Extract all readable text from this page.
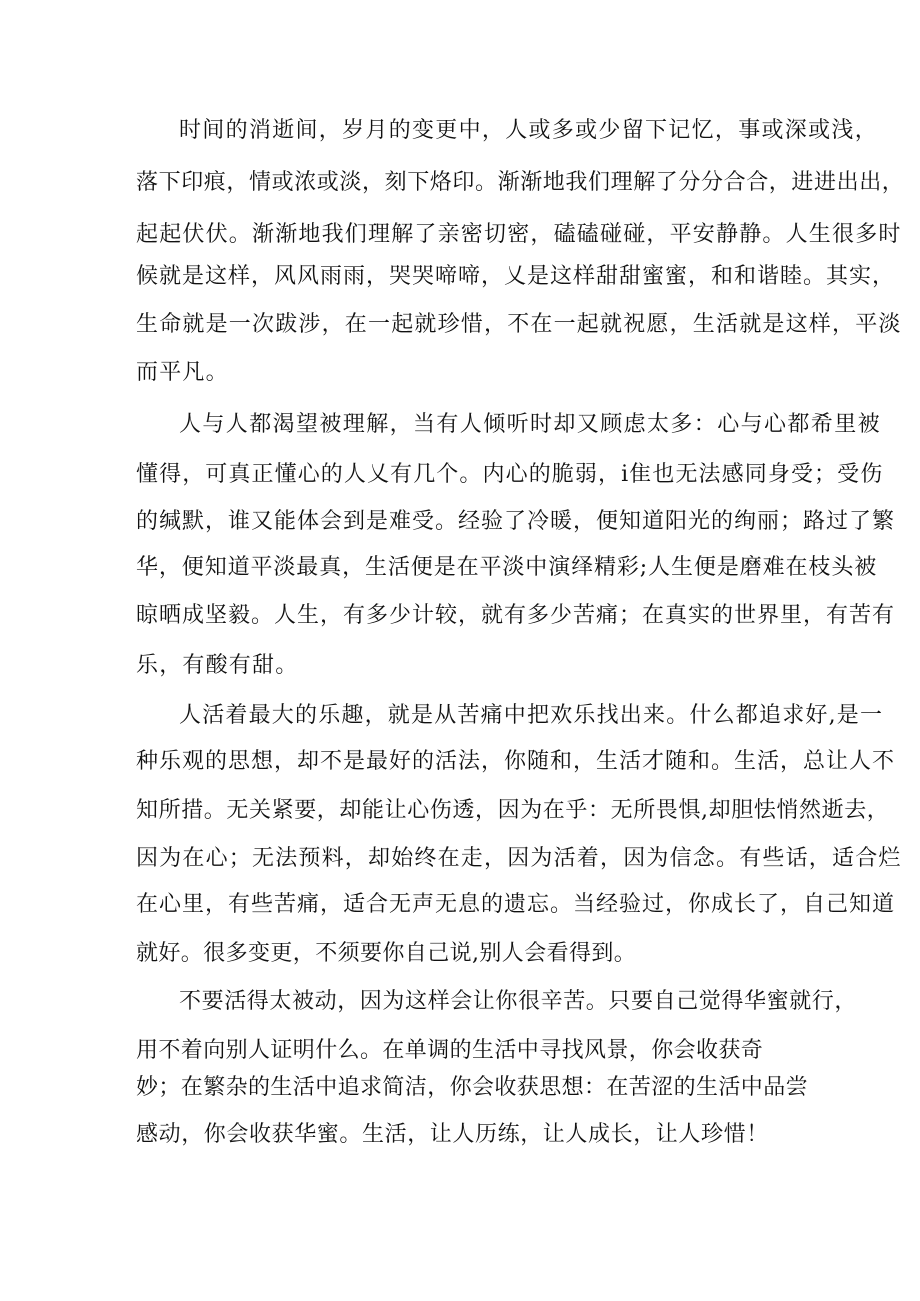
时间的消逝间，岁月的变更中，人或多或少留下记忆，事或深或浅，
落下印痕，情或浓或淡，刻下烙印。渐渐地我们理解了分分合合，进进出出，
起起伏伏。渐渐地我们理解了亲密切密，磕磕碰碰，平安静静。人生很多时
候就是这样，风风雨雨，哭哭啼啼，乂是这样甜甜蜜蜜，和和谐睦。其实，
生命就是一次跋涉，在一起就珍惜，不在一起就祝愿，生活就是这样，平淡
而平凡。
人与人都渴望被理解，当有人倾听时却又顾虑太多：心与心都希里被
懂得，可真正懂心的人乂有几个。内心的脆弱，i隹也无法感同身受；受伤
的缄默，谁又能体会到是难受。经验了冷暖，便知道阳光的绚丽；路过了繁
华，便知道平淡最真，生活便是在平淡中演绎精彩;人生便是磨难在枝头被
晾晒成坚毅。人生，有多少计较，就有多少苦痛；在真实的世界里，有苦有
乐，有酸有甜。
人活着最大的乐趣，就是从苦痛中把欢乐找出来。什么都追求好,是一
种乐观的思想，却不是最好的活法，你随和，生活才随和。生活，总让人不
知所措。无关紧要，却能让心伤透，因为在乎：无所畏惧,却胆怯悄然逝去，
因为在心；无法预料，却始终在走，因为活着，因为信念。有些话，适合烂
在心里，有些苦痛，适合无声无息的遗忘。当经验过，你成长了，自己知道
就好。很多变更，不须要你自己说,别人会看得到。
不要活得太被动，因为这样会让你很辛苦。只要自己觉得华蜜就行，
用不着向别人证明什么。在单调的生活中寻找风景，你会收获奇
妙；在繁杂的生活中追求简洁，你会收获思想：在苦涩的生活中品尝
感动，你会收获华蜜。生活，让人历练，让人成长，让人珍惜！
